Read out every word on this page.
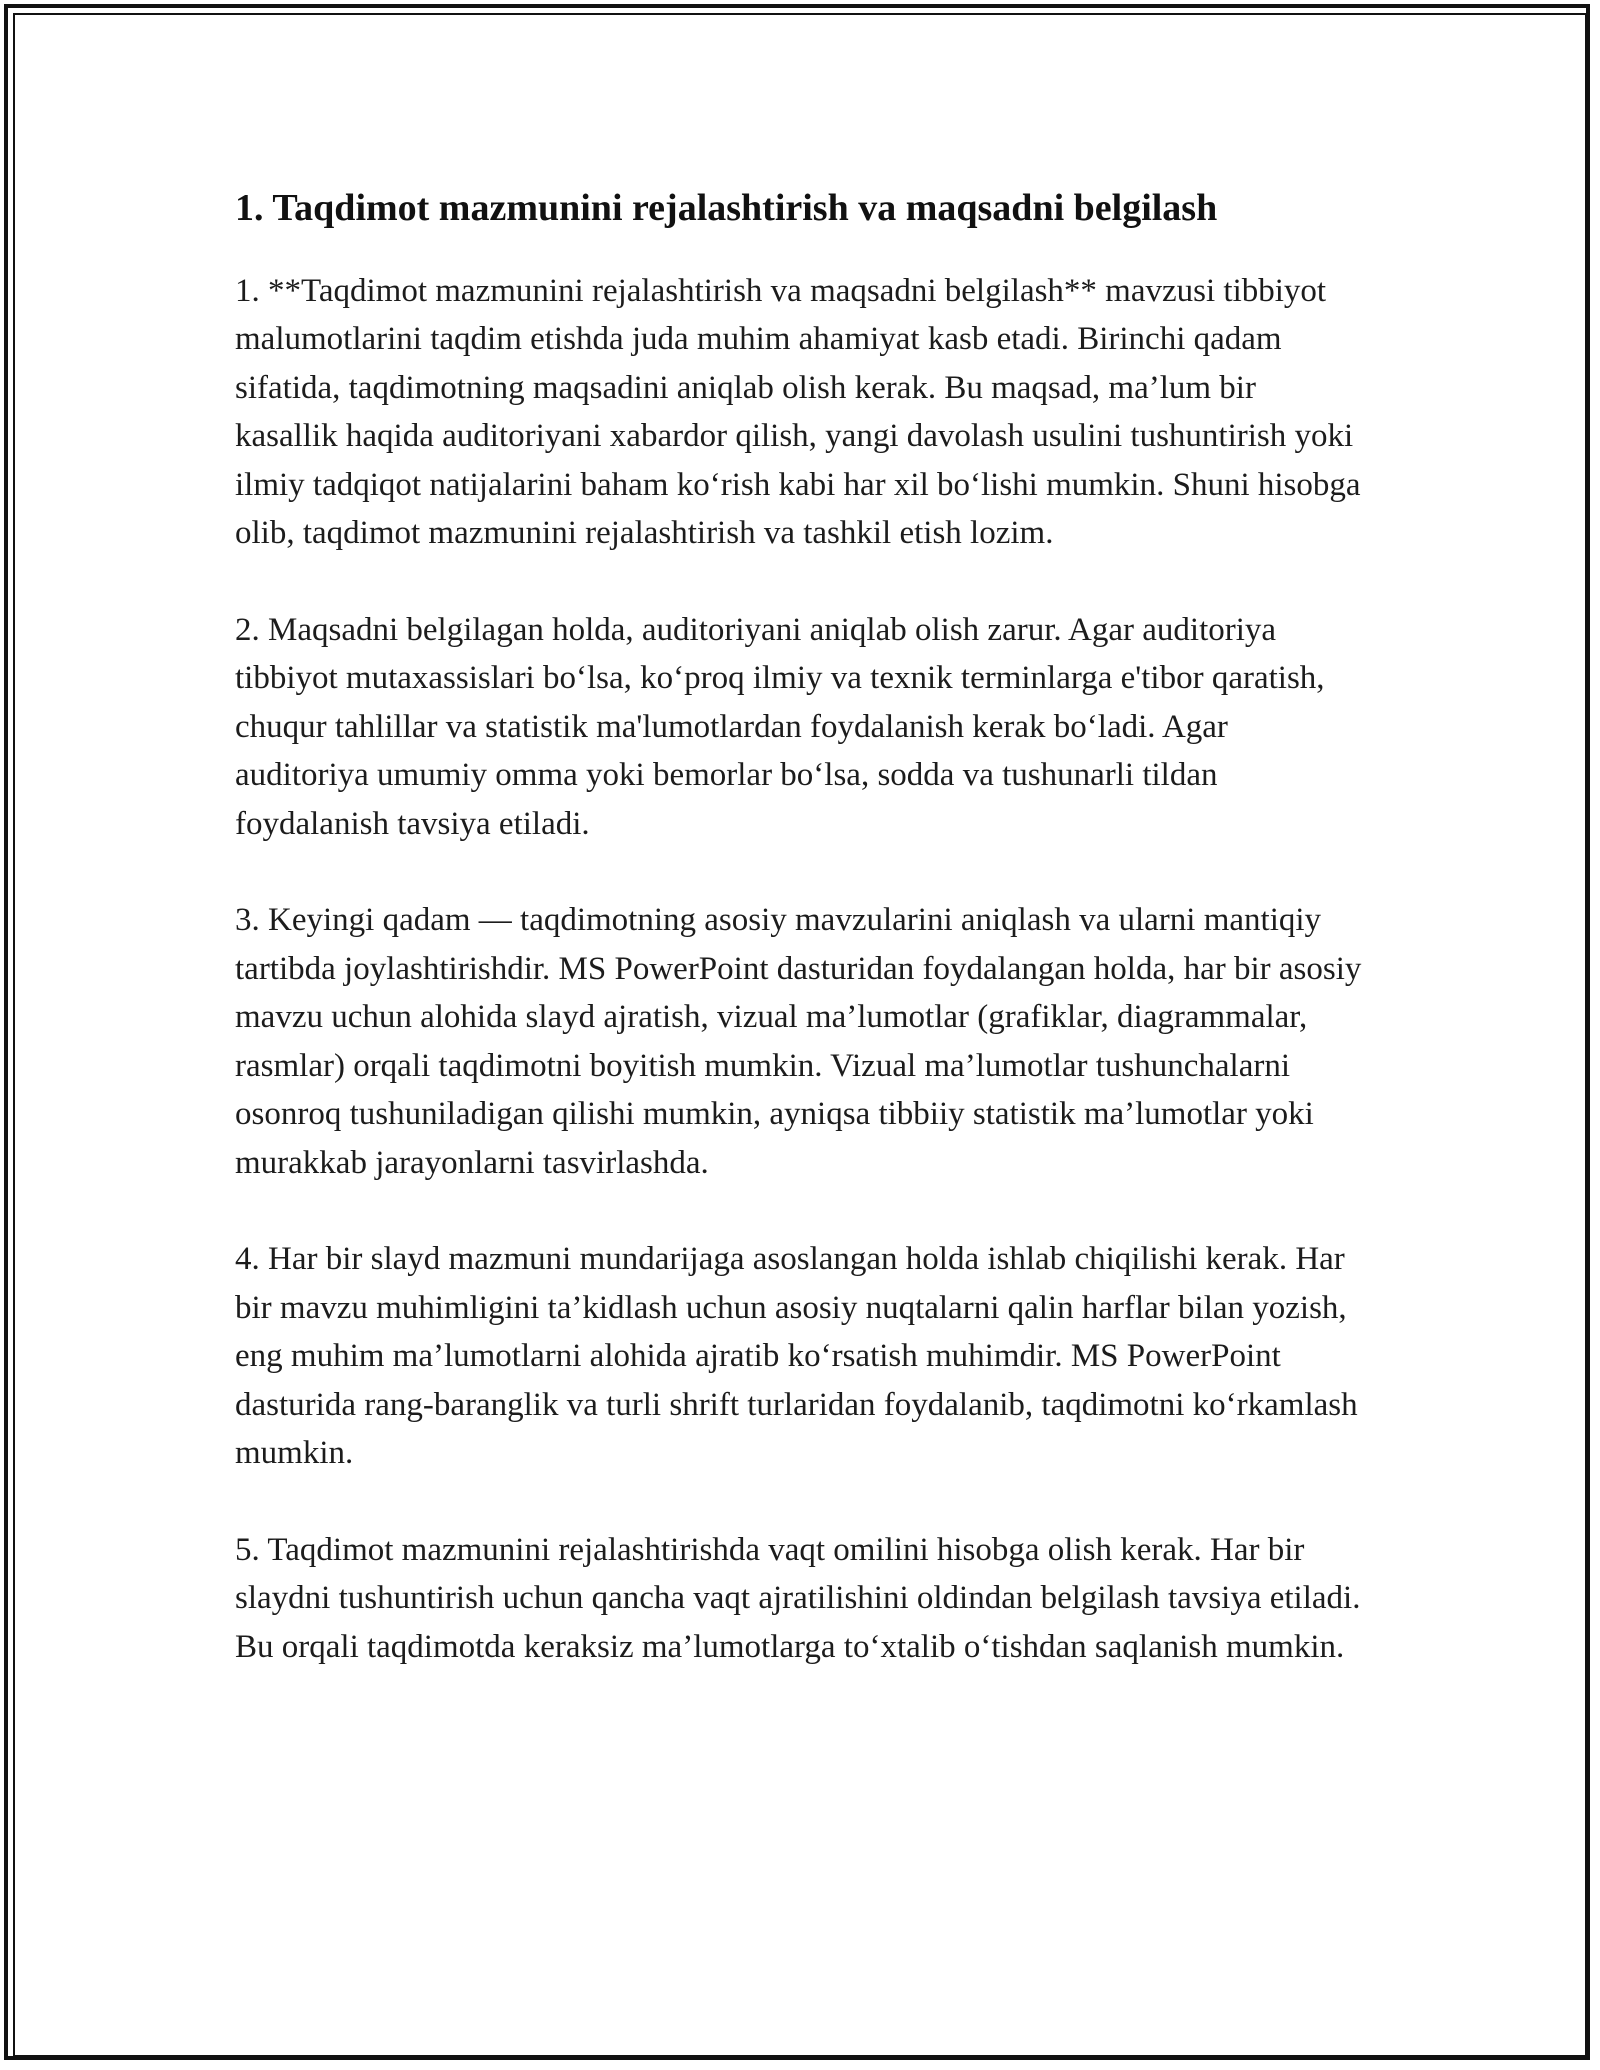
1. Taqdimot mazmunini rejalashtirish va maqsadni belgilash

1. **Taqdimot mazmunini rejalashtirish va maqsadni belgilash** mavzusi tibbiyot malumotlarini taqdim etishda juda muhim ahamiyat kasb etadi. Birinchi qadam sifatida, taqdimotning maqsadini aniqlab olish kerak. Bu maqsad, ma’lum bir kasallik haqida auditoriyani xabardor qilish, yangi davolash usulini tushuntirish yoki ilmiy tadqiqot natijalarini baham ko‘rish kabi har xil bo‘lishi mumkin. Shuni hisobga olib, taqdimot mazmunini rejalashtirish va tashkil etish lozim.

2. Maqsadni belgilagan holda, auditoriyani aniqlab olish zarur. Agar auditoriya tibbiyot mutaxassislari bo‘lsa, ko‘proq ilmiy va texnik terminlarga e'tibor qaratish, chuqur tahlillar va statistik ma'lumotlardan foydalanish kerak bo‘ladi. Agar auditoriya umumiy omma yoki bemorlar bo‘lsa, sodda va tushunarli tildan foydalanish tavsiya etiladi.

3. Keyingi qadam — taqdimotning asosiy mavzularini aniqlash va ularni mantiqiy tartibda joylashtirishdir. MS PowerPoint dasturidan foydalangan holda, har bir asosiy mavzu uchun alohida slayd ajratish, vizual ma’lumotlar (grafiklar, diagrammalar, rasmlar) orqali taqdimotni boyitish mumkin. Vizual ma’lumotlar tushunchalarni osonroq tushuniladigan qilishi mumkin, ayniqsa tibbiiy statistik ma’lumotlar yoki murakkab jarayonlarni tasvirlashda.

4. Har bir slayd mazmuni mundarijaga asoslangan holda ishlab chiqilishi kerak. Har bir mavzu muhimligini ta’kidlash uchun asosiy nuqtalarni qalin harflar bilan yozish, eng muhim ma’lumotlarni alohida ajratib ko‘rsatish muhimdir. MS PowerPoint dasturida rang-baranglik va turli shrift turlaridan foydalanib, taqdimotni ko‘rkamlash mumkin.

5. Taqdimot mazmunini rejalashtirishda vaqt omilini hisobga olish kerak. Har bir slaydni tushuntirish uchun qancha vaqt ajratilishini oldindan belgilash tavsiya etiladi. Bu orqali taqdimotda keraksiz ma’lumotlarga to‘xtalib o‘tishdan saqlanish mumkin.
